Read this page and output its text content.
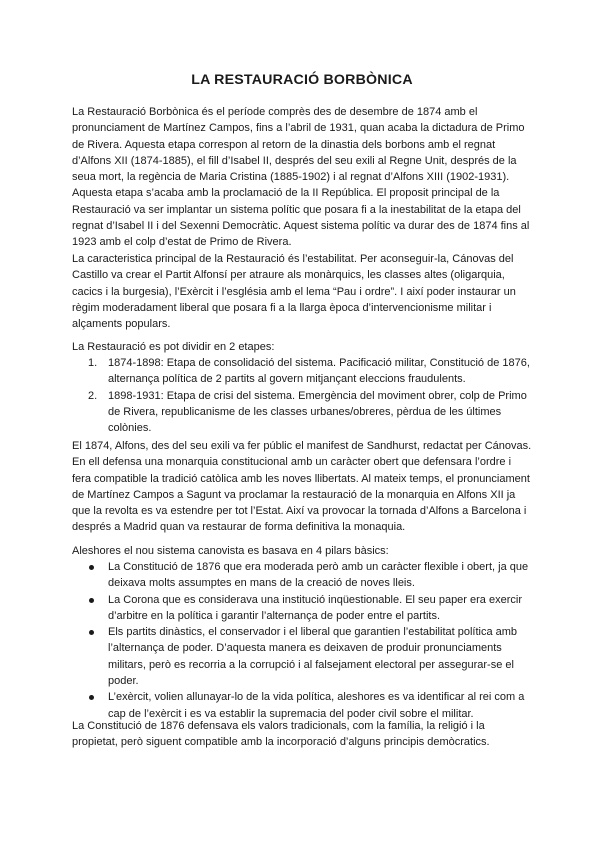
LA RESTAURACIÓ BORBÒNICA

La Restauració Borbònica és el període comprès des de desembre de 1874 amb el pronunciament de Martínez Campos, fins a l’abril de 1931, quan acaba la dictadura de Primo de Rivera. Aquesta etapa correspon al retorn de la dinastia dels borbons amb el regnat d’Alfons XII (1874-1885), el fill d’Isabel II, després del seu exili al Regne Unit, després de la seua mort, la regència de Maria Cristina (1885-1902) i al regnat d’Alfons XIII (1902-1931). Aquesta etapa s’acaba amb la proclamació de la II República. El proposit principal de la Restauració va ser implantar un sistema polític que posara fi a la inestabilitat de la etapa del regnat d’Isabel II i del Sexenni Democràtic. Aquest sistema polític va durar des de 1874 fins al 1923 amb el colp d’estat de Primo de Rivera.

La caracteristica principal de la Restauració és l’estabilitat. Per aconseguir-la, Cánovas del Castillo va crear el Partit Alfonsí per atraure als monàrquics, les classes altes (oligarquia, cacics i la burgesia), l’Exèrcit i l’església amb el lema “Pau i ordre”. I així poder instaurar un règim moderadament liberal que posara fi a la llarga època d’intervencionisme militar i alçaments populars.

La Restauració es pot dividir en 2 etapes:

1. 1874-1898: Etapa de consolidació del sistema. Pacificació militar, Constitució de 1876, alternança política de 2 partits al govern mitjançant eleccions fraudulents.
2. 1898-1931: Etapa de crisi del sistema. Emergència del moviment obrer, colp de Primo de Rivera, republicanisme de les classes urbanes/obreres, pèrdua de les últimes colònies.

El 1874, Alfons, des del seu exili va fer públic el manifest de Sandhurst, redactat per Cánovas. En ell defensa una monarquia constitucional amb un caràcter obert que defensara l’ordre i fera compatible la tradició catòlica amb les noves llibertats. Al mateix temps, el pronunciament de Martínez Campos a Sagunt va proclamar la restauració de la monarquia en Alfons XII ja que la revolta es va estendre per tot l’Estat. Així va provocar la tornada d’Alfons a Barcelona i després a Madrid quan va restaurar de forma definitiva la monaquia.

Aleshores el nou sistema canovista es basava en 4 pilars bàsics:

La Constitució de 1876 que era moderada però amb un caràcter flexible i obert, ja que deixava molts assumptes en mans de la creació de noves lleis.
La Corona que es considerava una institució inqüestionable. El seu paper era exercir d’arbitre en la política i garantir l’alternança de poder entre el partits.
Els partits dinàstics, el conservador i el liberal que garantien l’estabilitat política amb l’alternança de poder. D’aquesta manera es deixaven de produir pronunciaments militars, però es recorria a la corrupció i al falsejament electoral per assegurar-se el poder.
L’exèrcit, volien allunayar-lo de la vida política, aleshores es va identificar al rei com a cap de l’exèrcit i es va establir la supremacia del poder civil sobre el militar.

La Constitució de 1876 defensava els valors tradicionals, com la família, la religió i la propietat, però siguent compatible amb la incorporació d’alguns principis demòcratics.
